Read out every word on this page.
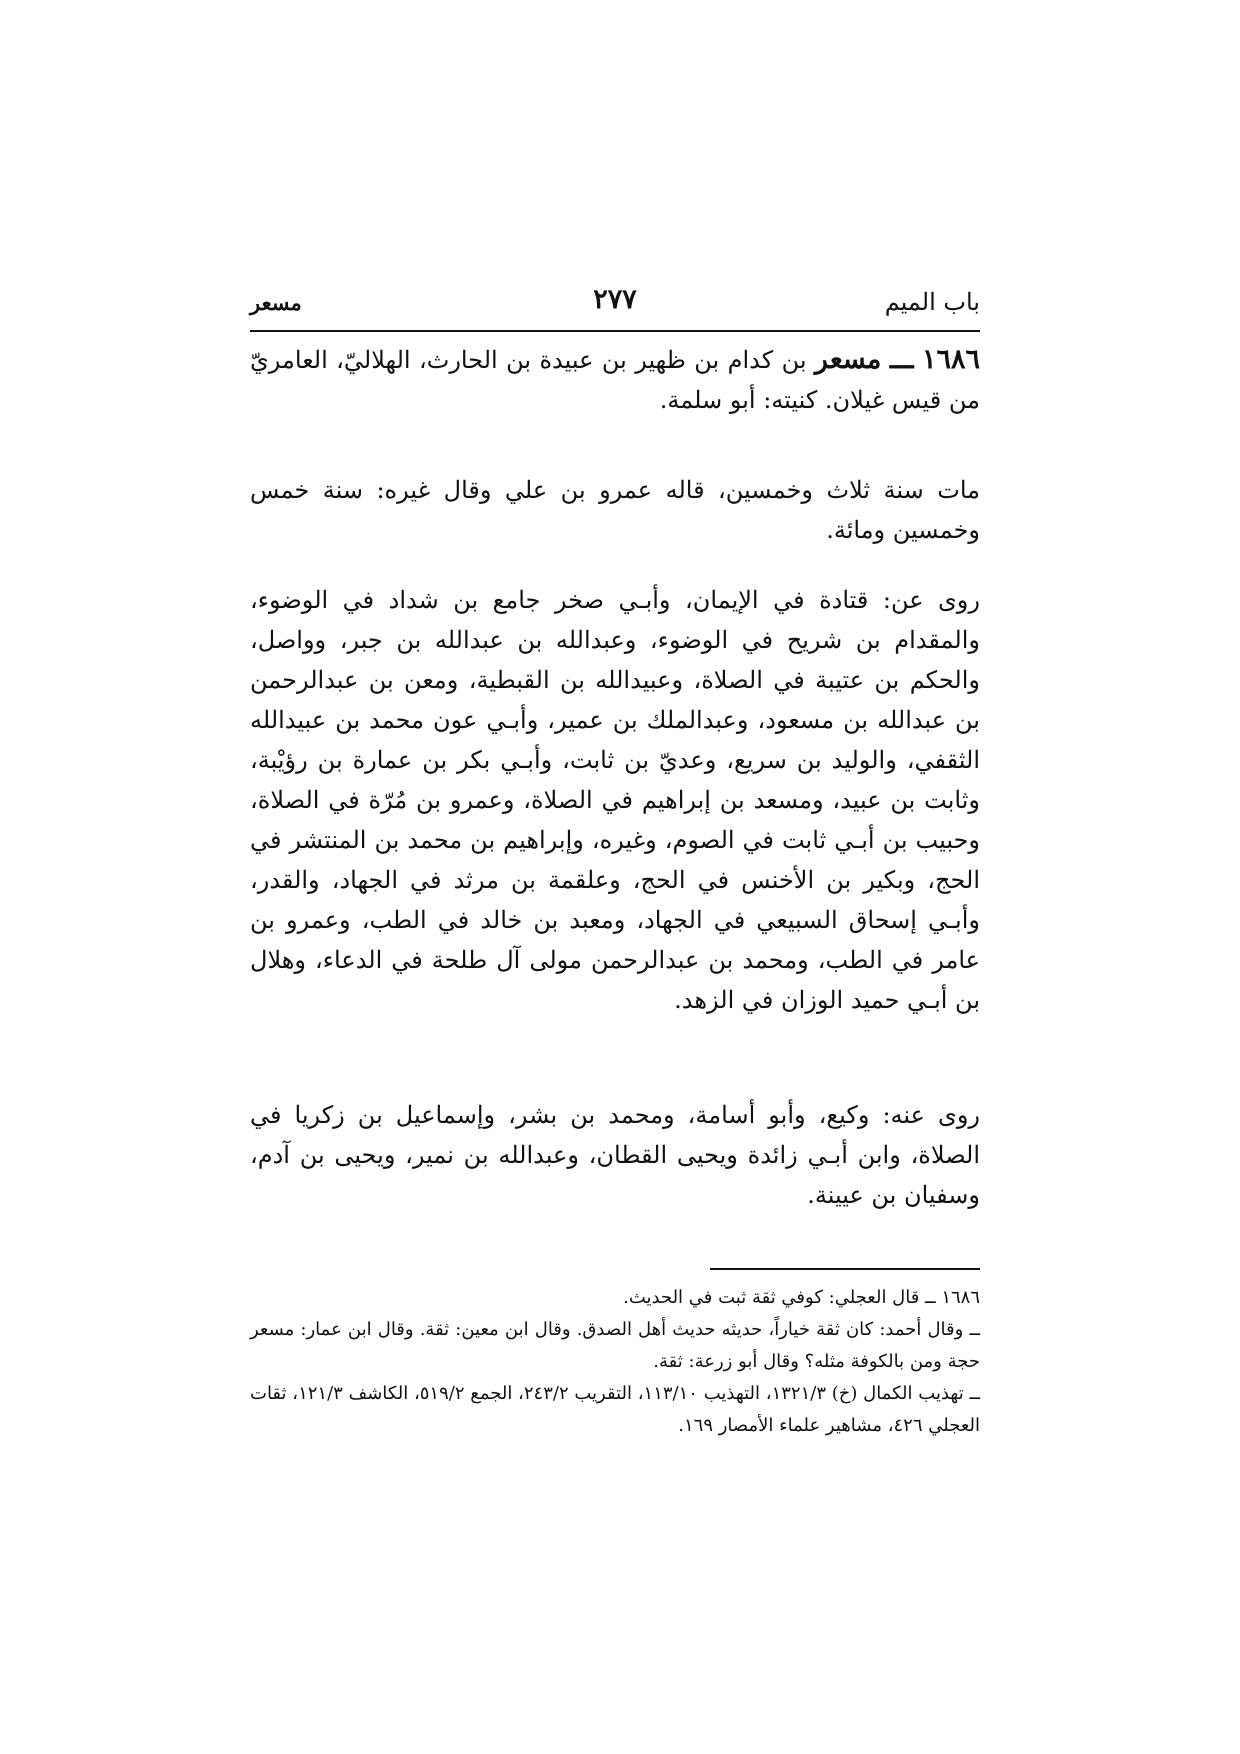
باب الميم
٢٧٧
مسعر

١٦٨٦ ـــ مسعر بن كدام بن ظهير بن عبيدة بن الحارث، الهلاليّ، العامريّ من قيس غيلان. كنيته: أبو سلمة.

مات سنة ثلاث وخمسين، قاله عمرو بن علي وقال غيره: سنة خمس وخمسين ومائة.

روى عن: قتادة في الإيمان، وأبـي صخر جامع بن شداد في الوضوء، والمقدام بن شريح في الوضوء، وعبدالله بن عبدالله بن جبر، وواصل، والحكم بن عتيبة في الصلاة، وعبيدالله بن القبطية، ومعن بن عبدالرحمن بن عبدالله بن مسعود، وعبدالملك بن عمير، وأبـي عون محمد بن عبيدالله الثقفي، والوليد بن سريع، وعديّ بن ثابت، وأبـي بكر بن عمارة بن رؤيْبة، وثابت بن عبيد، ومسعد بن إبراهيم في الصلاة، وعمرو بن مُرّة في الصلاة، وحبيب بن أبـي ثابت في الصوم، وغيره، وإبراهيم بن محمد بن المنتشر في الحج، وبكير بن الأخنس في الحج، وعلقمة بن مرثد في الجهاد، والقدر، وأبـي إسحاق السبيعي في الجهاد، ومعبد بن خالد في الطب، وعمرو بن عامر في الطب، ومحمد بن عبدالرحمن مولى آل طلحة في الدعاء، وهلال بن أبـي حميد الوزان في الزهد.

روى عنه: وكيع، وأبو أسامة، ومحمد بن بشر، وإسماعيل بن زكريا في الصلاة، وابن أبـي زائدة ويحيى القطان، وعبدالله بن نمير، ويحيى بن آدم، وسفيان بن عيينة.

١٦٨٦ ــ قال العجلي: كوفي ثقة ثبت في الحديث.

ــ وقال أحمد: كان ثقة خياراً، حديثه حديث أهل الصدق. وقال ابن معين: ثقة. وقال ابن عمار: مسعر حجة ومن بالكوفة مثله؟ وقال أبو زرعة: ثقة.

ــ تهذيب الكمال (خ) ١٣٢١/٣، التهذيب ١١٣/١٠، التقريب ٢٤٣/٢، الجمع ٥١٩/٢، الكاشف ١٢١/٣، ثقات العجلي ٤٢٦، مشاهير علماء الأمصار ١٦٩.
